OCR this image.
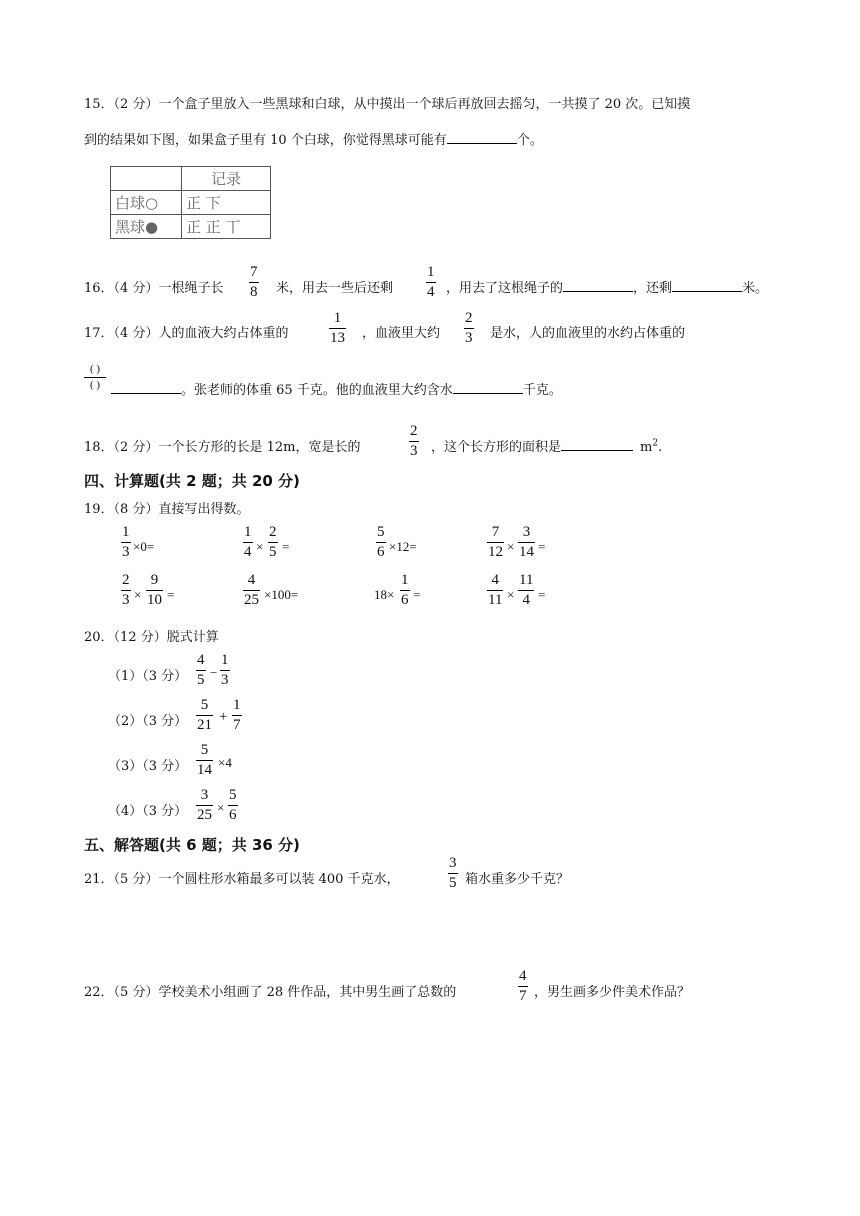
15．（2 分）一个盒子里放入一些黑球和白球，从中摸出一个球后再放回去摇匀，一共摸了 20 次。已知摸
到的结果如下图，如果盒子里有 10 个白球，你觉得黑球可能有	个。
	记录
白球○	正 下
黑球●	正 正 丅
16．（4 分）一根绳子长
7
8 米，用去一些后还剩
1
4 ，用去了这根绳子的	，还剩	米。
17．（4 分）人的血液大约占体重的
1
13 ，血液里大约
2
3 是水，人的血液里的水约占体重的
( )
( )	。张老师的体重 65 千克。他的血液里大约含水	千克。
18．（2 分）一个长方形的长是 12m，宽是长的
2
3 ，这个长方形的面积是	$m^2$.
四、计算题(共 2 题；共 20 分)
19．（8 分）直接写出得数。
1
3 ×0=
1
4 ×
2
5 =
5
6 ×12=
7
12 ×
3
14 =
2
3 ×
9
10 =
4
25 ×100=	18×
1
6 =
4
11 ×
11
4 =
20．（12 分）脱式计算
（1）（3 分）
4
5 −
1
3
（2）（3 分）
5
21 +
1
7
（3）（3 分）
5
14 ×4
（4）（3 分）
3
25 ×
5
6
五、解答题(共 6 题；共 36 分)
21．（5 分）一个圆柱形水箱最多可以装 400 千克水，
3
5 箱水重多少千克？
22．（5 分）学校美术小组画了 28 件作品，其中男生画了总数的
4
7 ，男生画多少件美术作品？
